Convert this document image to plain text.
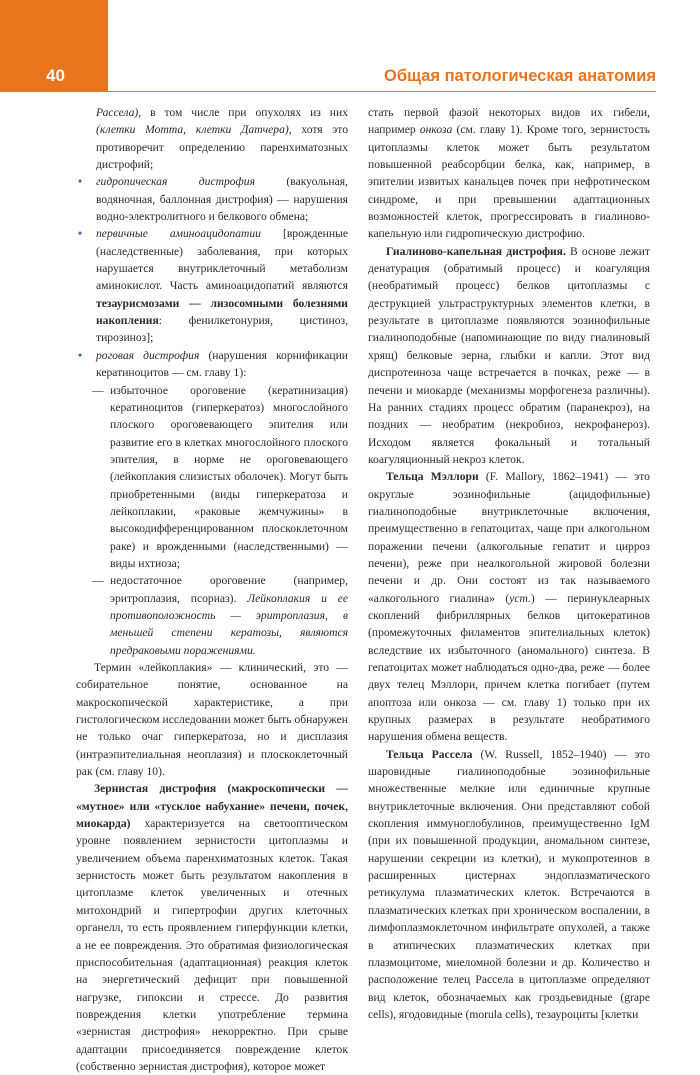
40	Общая патологическая анатомия

Рассела), в том числе при опухолях из них (клетки Мотта, клетки Датчера), хотя это противоречит определению паренхиматозных дистрофий;

• гидропическая дистрофия (вакуольная, водяночная, баллонная дистрофия) — нарушения водно-электролитного и белкового обмена;

• первичные аминоацидопатии [врожденные (наследственные) заболевания, при которых нарушается внутриклеточный метаболизм аминокислот. Часть аминоацидопатий являются тезаурисмозами — лизосомными болезнями накопления: фенилкетонурия, цистиноз, тирозиноз];

• роговая дистрофия (нарушения корнификации кератиноцитов — см. главу 1):

— избыточное ороговение (кератинизация) кератиноцитов (гиперкератоз) многослойного плоского ороговевающего эпителия или развитие его в клетках многослойного плоского эпителия, в норме не ороговевающего (лейкоплакия слизистых оболочек). Могут быть приобретенными (виды гиперкератоза и лейкоплакии, «раковые жемчужины» в высокодифференцированном плоскоклеточном раке) и врожденными (наследственными) — виды ихтиоза;

— недостаточное ороговение (например, эритроплазия, псориаз). Лейкоплакия и ее противоположность — эритроплазия, в меньшей степени кератозы, являются предраковыми поражениями.

Термин «лейкоплакия» — клинический, это — собирательное понятие, основанное на макроскопической характеристике, а при гистологическом исследовании может быть обнаружен не только очаг гиперкератоза, но и дисплазия (интраэпителиальная неоплазия) и плоскоклеточный рак (см. главу 10).

Зернистая дистрофия (макроскопически — «мутное» или «тусклое набухание» печени, почек, миокарда) характеризуется на светооптическом уровне появлением зернистости цитоплазмы и увеличением объема паренхиматозных клеток. Такая зернистость может быть результатом накопления в цитоплазме клеток увеличенных и отечных митохондрий и гипертрофии других клеточных органелл, то есть проявлением гиперфункции клетки, а не ее повреждения. Это обратимая физиологическая приспособительная (адаптационная) реакция клеток на энергетический дефицит при повышенной нагрузке, гипоксии и стрессе. До развития повреждения клетки употребление термина «зернистая дистрофия» некорректно. При срыве адаптации присоединяется повреждение клеток (собственно зернистая дистрофия), которое может

стать первой фазой некоторых видов их гибели, например онкоза (см. главу 1). Кроме того, зернистость цитоплазмы клеток может быть результатом повышенной реабсорбции белка, как, например, в эпителии извитых канальцев почек при нефротическом синдроме, и при превышении адаптационных возможностей клеток, прогрессировать в гиалиново-капельную или гидропическую дистрофию.

Гиалиново-капельная дистрофия. В основе лежит денатурация (обратимый процесс) и коагуляция (необратимый процесс) белков цитоплазмы с деструкцией ультраструктурных элементов клетки, в результате в цитоплазме появляются эозинофильные гиалиноподобные (напоминающие по виду гиалиновый хрящ) белковые зерна, глыбки и капли. Этот вид диспротеиноза чаще встречается в почках, реже — в печени и миокарде (механизмы морфогенеза различны). На ранних стадиях процесс обратим (паранекроз), на поздних — необратим (некробиоз, некрофанероз). Исходом является фокальный и тотальный коагуляционный некроз клеток.

Тельца Мэллори (F. Mallory, 1862–1941) — это округлые эозинофильные (ацидофильные) гиалиноподобные внутриклеточные включения, преимущественно в гепатоцитах, чаще при алкогольном поражении печени (алкогольные гепатит и цирроз печени), реже при неалкогольной жировой болезни печени и др. Они состоят из так называемого «алкогольного гиалина» (уст.) — перинуклеарных скоплений фибриллярных белков цитокератинов (промежуточных филаментов эпителиальных клеток) вследствие их избыточного (аномального) синтеза. В гепатоцитах может наблюдаться одно-два, реже — более двух телец Мэллори, причем клетка погибает (путем апоптоза или онкоза — см. главу 1) только при их крупных размерах в результате необратимого нарушения обмена веществ.

Тельца Рассела (W. Russell, 1852–1940) — это шаровидные гиалиноподобные эозинофильные множественные мелкие или единичные крупные внутриклеточные включения. Они представляют собой скопления иммуноглобулинов, преимущественно IgM (при их повышенной продукции, аномальном синтезе, нарушении секреции из клетки), и мукопротеинов в расширенных цистернах эндоплазматического ретикулума плазматических клеток. Встречаются в плазматических клетках при хроническом воспалении, в лимфоплазмоклеточном инфильтрате опухолей, а также в атипических плазматических клетках при плазмоцитоме, миеломной болезни и др. Количество и расположение телец Рассела в цитоплазме определяют вид клеток, обозначаемых как гроздьевидные (grape cells), ягодовидные (morula cells), тезауроциты [клетки
